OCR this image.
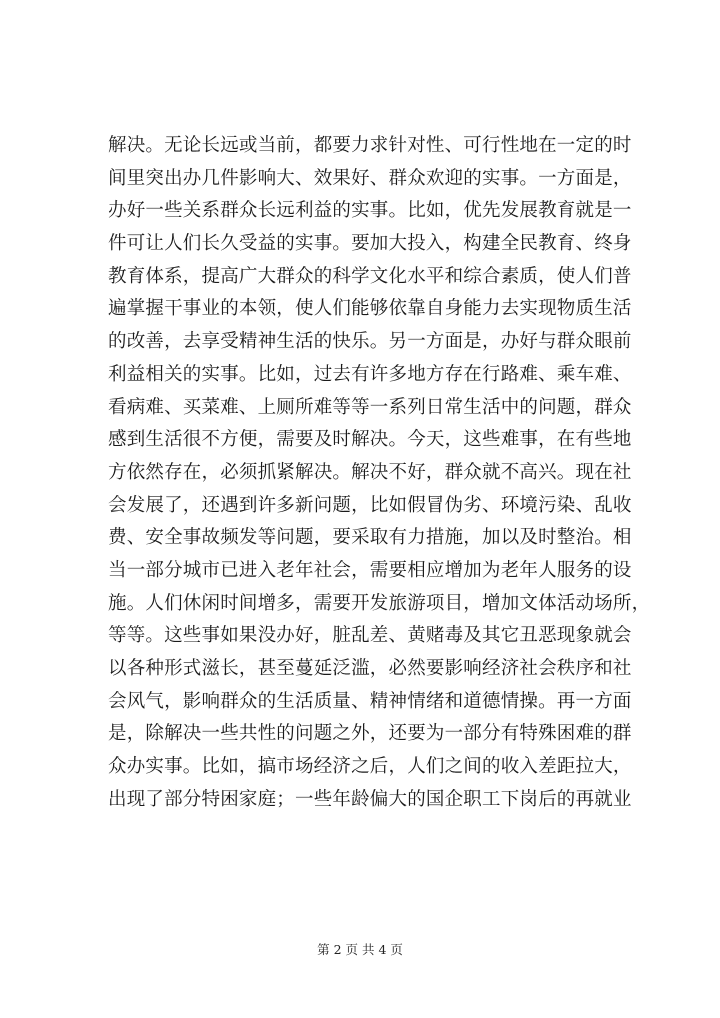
解决。无论长远或当前，都要力求针对性、可行性地在一定的时
间里突出办几件影响大、效果好、群众欢迎的实事。一方面是，
办好一些关系群众长远利益的实事。比如，优先发展教育就是一
件可让人们长久受益的实事。要加大投入，构建全民教育、终身
教育体系，提高广大群众的科学文化水平和综合素质，使人们普
遍掌握干事业的本领，使人们能够依靠自身能力去实现物质生活
的改善，去享受精神生活的快乐。另一方面是，办好与群众眼前
利益相关的实事。比如，过去有许多地方存在行路难、乘车难、
看病难、买菜难、上厕所难等等一系列日常生活中的问题，群众
感到生活很不方便，需要及时解决。今天，这些难事，在有些地
方依然存在，必须抓紧解决。解决不好，群众就不高兴。现在社
会发展了，还遇到许多新问题，比如假冒伪劣、环境污染、乱收
费、安全事故频发等问题，要采取有力措施，加以及时整治。相
当一部分城市已进入老年社会，需要相应增加为老年人服务的设
施。人们休闲时间增多，需要开发旅游项目，增加文体活动场所，
等等。这些事如果没办好，脏乱差、黄赌毒及其它丑恶现象就会
以各种形式滋长，甚至蔓延泛滥，必然要影响经济社会秩序和社
会风气，影响群众的生活质量、精神情绪和道德情操。再一方面
是，除解决一些共性的问题之外，还要为一部分有特殊困难的群
众办实事。比如，搞市场经济之后，人们之间的收入差距拉大，
出现了部分特困家庭；一些年龄偏大的国企职工下岗后的再就业
第 2 页 共 4 页
